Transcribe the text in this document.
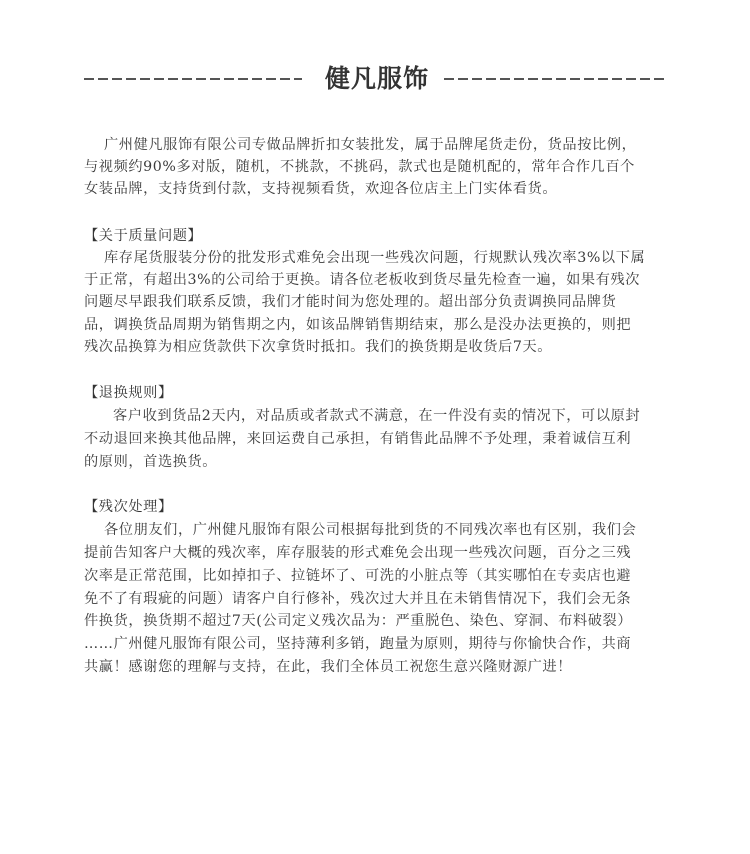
健凡服饰
广州健凡服饰有限公司专做品牌折扣女装批发，属于品牌尾货走份，货品按比例，
与视频约90%多对版，随机，不挑款，不挑码，款式也是随机配的，常年合作几百个
女装品牌，支持货到付款，支持视频看货，欢迎各位店主上门实体看货。
【关于质量问题】
库存尾货服装分份的批发形式难免会出现一些残次问题，行规默认残次率3%以下属
于正常，有超出3%的公司给于更换。请各位老板收到货尽量先检查一遍，如果有残次
问题尽早跟我们联系反馈，我们才能时间为您处理的。超出部分负责调换同品牌货
品，调换货品周期为销售期之内，如该品牌销售期结束，那么是没办法更换的，则把
残次品换算为相应货款供下次拿货时抵扣。我们的换货期是收货后7天。
【退换规则】
客户收到货品2天内，对品质或者款式不满意，在一件没有卖的情况下，可以原封
不动退回来换其他品牌，来回运费自己承担，有销售此品牌不予处理，秉着诚信互利
的原则，首选换货。
【残次处理】
各位朋友们，广州健凡服饰有限公司根据每批到货的不同残次率也有区别，我们会
提前告知客户大概的残次率，库存服装的形式难免会出现一些残次问题，百分之三残
次率是正常范围，比如掉扣子、拉链坏了、可洗的小脏点等（其实哪怕在专卖店也避
免不了有瑕疵的问题）请客户自行修补，残次过大并且在未销售情况下，我们会无条
件换货，换货期不超过7天(公司定义残次品为：严重脱色、染色、穿洞、布料破裂）
……广州健凡服饰有限公司，坚持薄利多销，跑量为原则，期待与你愉快合作，共商
共赢！感谢您的理解与支持，在此，我们全体员工祝您生意兴隆财源广进！
